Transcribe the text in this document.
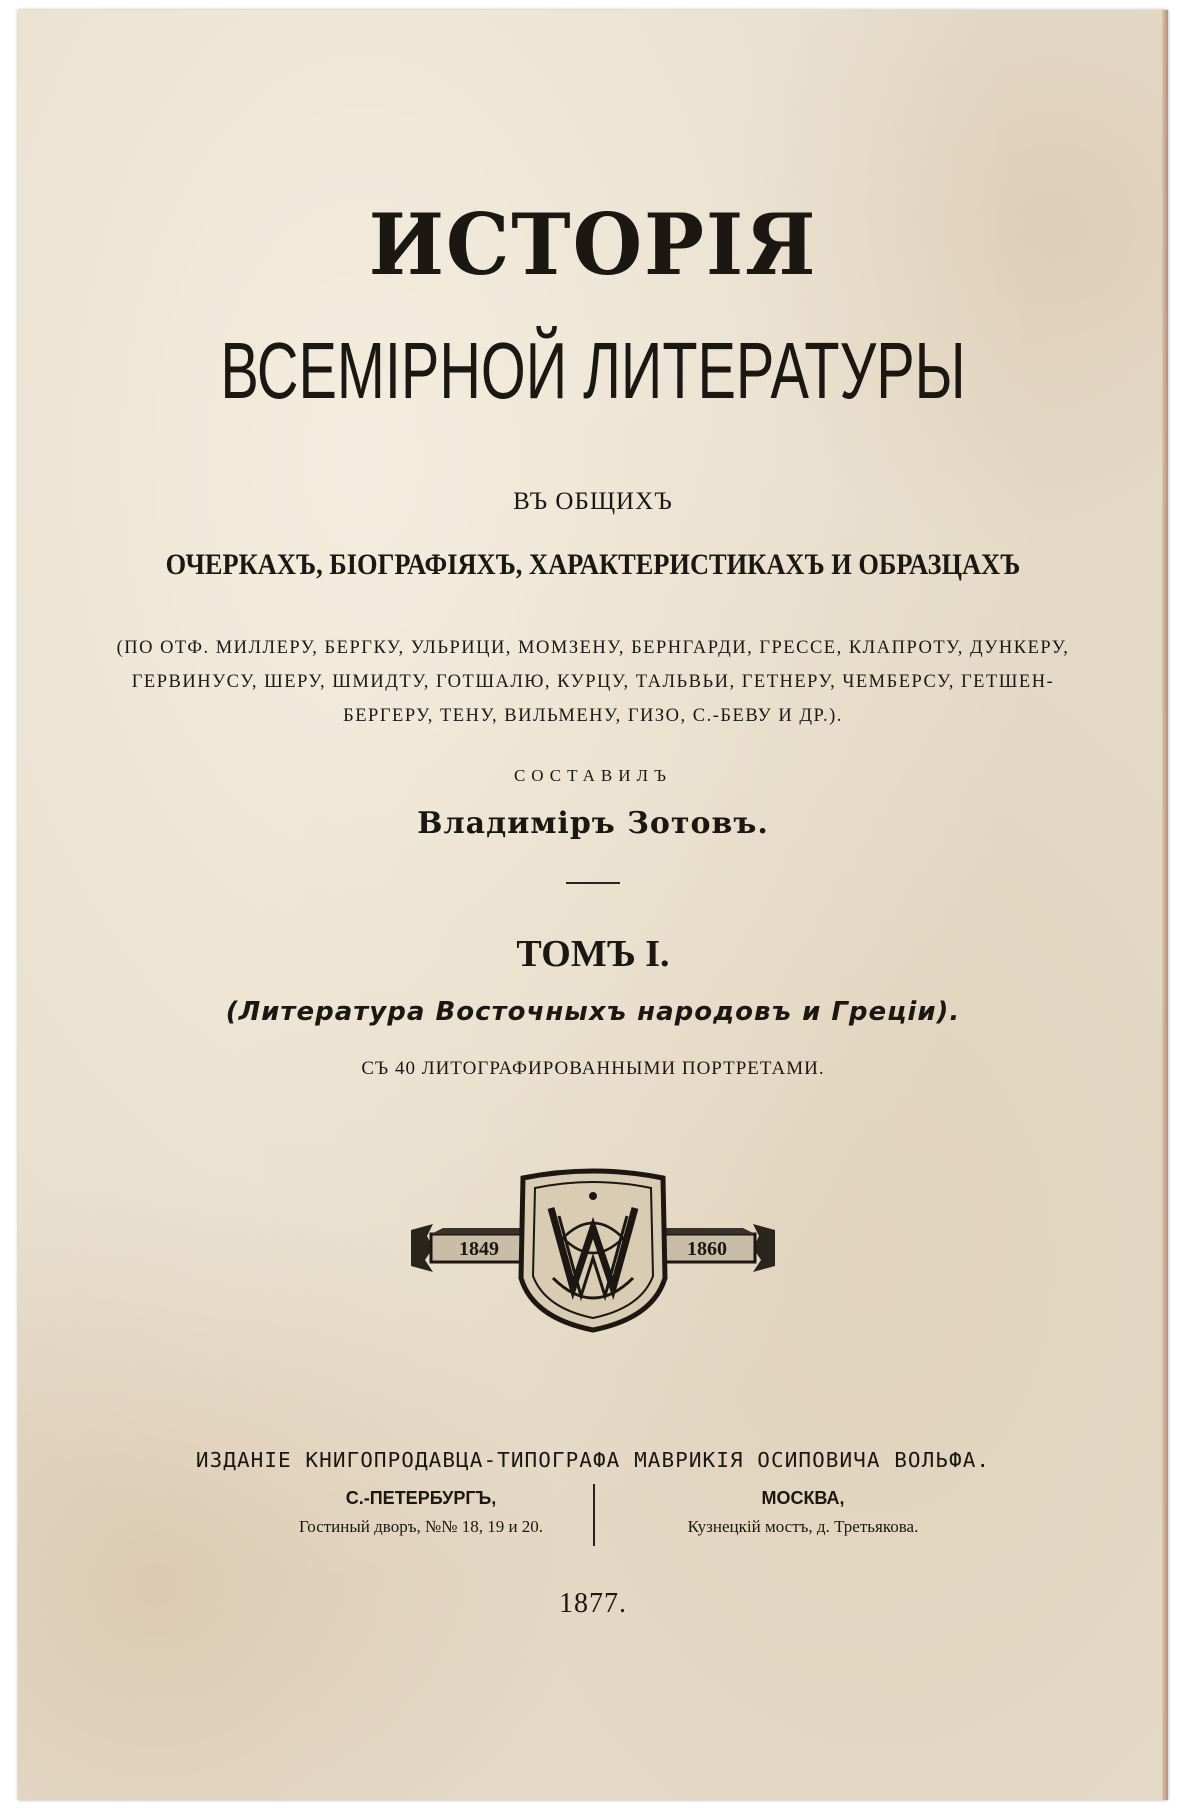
ИСТОРІЯ
ВСЕМІРНОЙ ЛИТЕРАТУРЫ
ВЪ ОБЩИХЪ
ОЧЕРКАХЪ, БІОГРАФІЯХЪ, ХАРАКТЕРИСТИКАХЪ И ОБРАЗЦАХЪ
(ПО ОТФ. МИЛЛЕРУ, БЕРГКУ, УЛЬРИЦИ, МОМЗЕНУ, БЕРНГАРДИ, ГРЕССЕ, КЛАПРОТУ, ДУНКЕРУ,
ГЕРВИНУСУ, ШЕРУ, ШМИДТУ, ГОТШАЛЮ, КУРЦУ, ТАЛЬВЬИ, ГЕТНЕРУ, ЧЕМБЕРСУ, ГЕТШЕН-
БЕРГЕРУ, ТЕНУ, ВИЛЬМЕНУ, ГИЗО, С.-БЕВУ И ДР.).
СОСТАВИЛЪ
Владиміръ Зотовъ.
ТОМЪ I.
(Литература Восточныхъ народовъ и Греціи).
СЪ 40 ЛИТОГРАФИРОВАННЫМИ ПОРТРЕТАМИ.
1849	1860
ИЗДАНІЕ КНИГОПРОДАВЦА-ТИПОГРАФА МАВРИКІЯ ОСИПОВИЧА ВОЛЬФА.
С.-ПЕТЕРБУРГЪ,
Гостиный дворъ, №№ 18, 19 и 20.
МОСКВА,
Кузнецкій мостъ, д. Третьякова.
1877.
